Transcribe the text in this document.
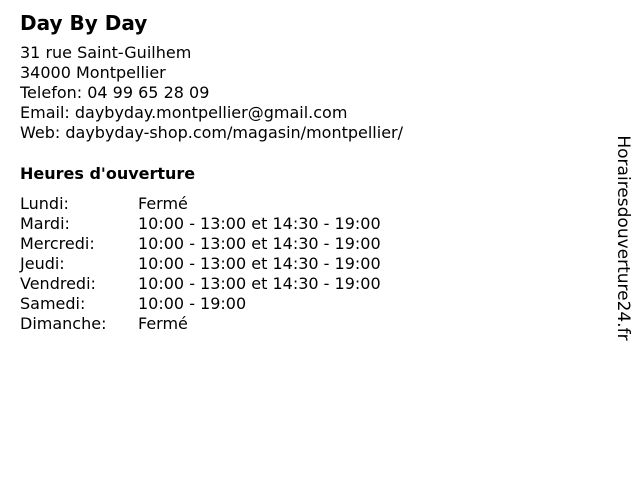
Day By Day
31 rue Saint-Guilhem
34000 Montpellier
Telefon: 04 99 65 28 09
Email: daybyday.montpellier@gmail.com
Web: daybyday-shop.com/magasin/montpellier/
Heures d'ouverture
Lundi:	Fermé
Mardi:	10:00 - 13:00 et 14:30 - 19:00
Mercredi:	10:00 - 13:00 et 14:30 - 19:00
Jeudi:	10:00 - 13:00 et 14:30 - 19:00
Vendredi:	10:00 - 13:00 et 14:30 - 19:00
Samedi:	10:00 - 19:00
Dimanche:	Fermé	Horairesdouverture24.fr
